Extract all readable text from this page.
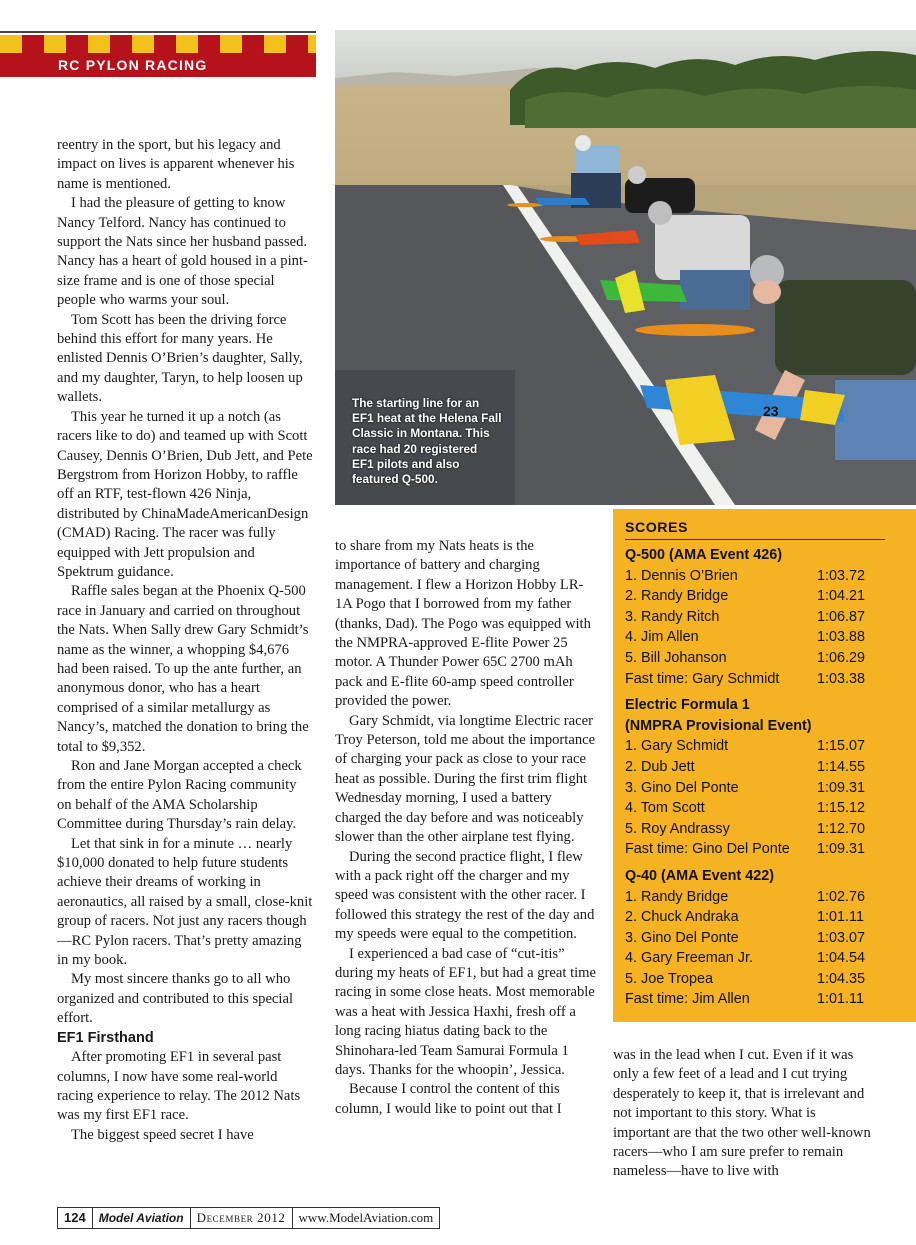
RC PYLON RACING

reentry in the sport, but his legacy and impact on lives is apparent whenever his name is mentioned.

I had the pleasure of getting to know Nancy Telford. Nancy has continued to support the Nats since her husband passed. Nancy has a heart of gold housed in a pint-size frame and is one of those special people who warms your soul.

Tom Scott has been the driving force behind this effort for many years. He enlisted Dennis O’Brien’s daughter, Sally, and my daughter, Taryn, to help loosen up wallets.

This year he turned it up a notch (as racers like to do) and teamed up with Scott Causey, Dennis O’Brien, Dub Jett, and Pete Bergstrom from Horizon Hobby, to raffle off an RTF, test-flown 426 Ninja, distributed by ChinaMadeAmericanDesign (CMAD) Racing. The racer was fully equipped with Jett propulsion and Spektrum guidance.

Raffle sales began at the Phoenix Q-500 race in January and carried on throughout the Nats. When Sally drew Gary Schmidt’s name as the winner, a whopping $4,676 had been raised. To up the ante further, an anonymous donor, who has a heart comprised of a similar metallurgy as Nancy’s, matched the donation to bring the total to $9,352.

Ron and Jane Morgan accepted a check from the entire Pylon Racing community on behalf of the AMA Scholarship Committee during Thursday’s rain delay.

Let that sink in for a minute … nearly $10,000 donated to help future students achieve their dreams of working in aeronautics, all raised by a small, close-knit group of racers. Not just any racers though—RC Pylon racers. That’s pretty amazing in my book.

My most sincere thanks go to all who organized and contributed to this special effort.

EF1 Firsthand

After promoting EF1 in several past columns, I now have some real-world racing experience to relay. The 2012 Nats was my first EF1 race.

The biggest speed secret I have

23
The starting line for an EF1 heat at the Helena Fall Classic in Montana. This race had 20 registered EF1 pilots and also featured Q-500.

to share from my Nats heats is the importance of battery and charging management. I flew a Horizon Hobby LR-1A Pogo that I borrowed from my father (thanks, Dad). The Pogo was equipped with the NMPRA-approved E-flite Power 25 motor. A Thunder Power 65C 2700 mAh pack and E-flite 60-amp speed controller provided the power.

Gary Schmidt, via longtime Electric racer Troy Peterson, told me about the importance of charging your pack as close to your race heat as possible. During the first trim flight Wednesday morning, I used a battery charged the day before and was noticeably slower than the other airplane test flying.

During the second practice flight, I flew with a pack right off the charger and my speed was consistent with the other racer. I followed this strategy the rest of the day and my speeds were equal to the competition.

I experienced a bad case of “cut-itis” during my heats of EF1, but had a great time racing in some close heats. Most memorable was a heat with Jessica Haxhi, fresh off a long racing hiatus dating back to the Shinohara-led Team Samurai Formula 1 days. Thanks for the whoopin’, Jessica.

Because I control the content of this column, I would like to point out that I

SCORES
Q-500 (AMA Event 426)
1. Dennis O’Brien	1:03.72
2. Randy Bridge	1:04.21
3. Randy Ritch	1:06.87
4. Jim Allen	1:03.88
5. Bill Johanson	1:06.29
Fast time: Gary Schmidt	1:03.38
Electric Formula 1
(NMPRA Provisional Event)
1. Gary Schmidt	1:15.07
2. Dub Jett	1:14.55
3. Gino Del Ponte	1:09.31
4. Tom Scott	1:15.12
5. Roy Andrassy	1:12.70
Fast time: Gino Del Ponte 1:09.31
Q-40 (AMA Event 422)
1. Randy Bridge	1:02.76
2. Chuck Andraka	1:01.11
3. Gino Del Ponte	1:03.07
4. Gary Freeman Jr.	1:04.54
5. Joe Tropea	1:04.35
Fast time: Jim Allen	1:01.11

was in the lead when I cut. Even if it was only a few feet of a lead and I cut trying desperately to keep it, that is irrelevant and not important to this story. What is important are that the two other well-known racers—who I am sure prefer to remain nameless—have to live with

124	Model Aviation	December 2012	www.ModelAviation.com
